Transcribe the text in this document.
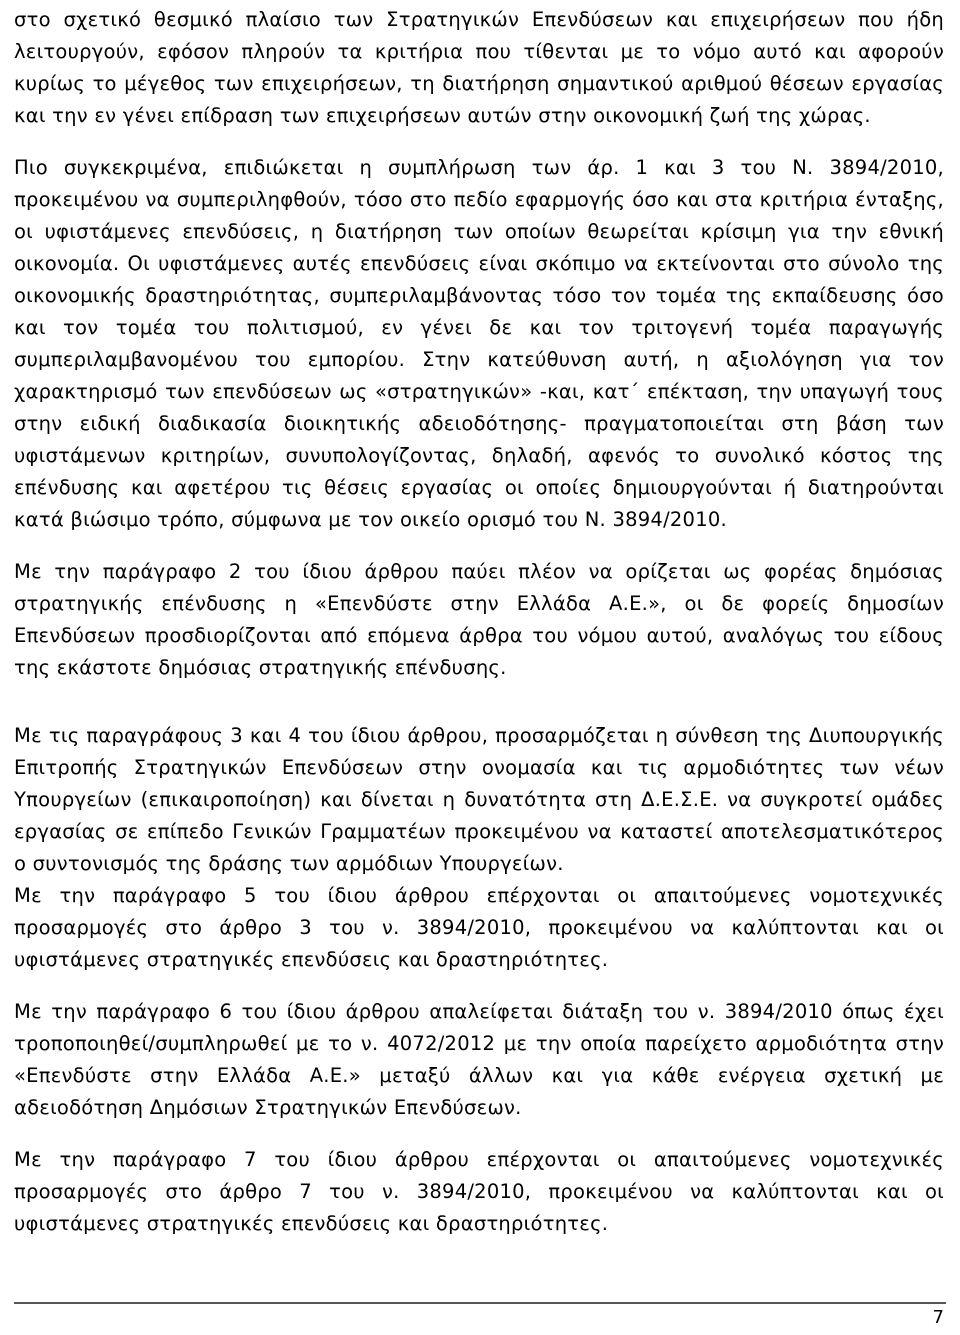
στο σχετικό θεσμικό πλαίσιο των Στρατηγικών Επενδύσεων και επιχειρήσεων που ήδη λειτουργούν, εφόσον πληρούν τα κριτήρια που τίθενται με το νόμο αυτό και αφορούν κυρίως το μέγεθος των επιχειρήσεων, τη διατήρηση σημαντικού αριθμού θέσεων εργασίας και την εν γένει επίδραση των επιχειρήσεων αυτών στην οικονομική ζωή της χώρας.

Πιο συγκεκριμένα, επιδιώκεται η συμπλήρωση των άρ. 1 και 3 του Ν. 3894/2010, προκειμένου να συμπεριληφθούν, τόσο στο πεδίο εφαρμογής όσο και στα κριτήρια ένταξης, οι υφιστάμενες επενδύσεις, η διατήρηση των οποίων θεωρείται κρίσιμη για την εθνική οικονομία. Οι υφιστάμενες αυτές επενδύσεις είναι σκόπιμο να εκτείνονται στο σύνολο της οικονομικής δραστηριότητας, συμπεριλαμβάνοντας τόσο τον τομέα της εκπαίδευσης όσο και τον τομέα του πολιτισμού, εν γένει δε και τον τριτογενή τομέα παραγωγής συμπεριλαμβανομένου του εμπορίου. Στην κατεύθυνση αυτή, η αξιολόγηση για τον χαρακτηρισμό των επενδύσεων ως «στρατηγικών» -και, κατ΄ επέκταση, την υπαγωγή τους στην ειδική διαδικασία διοικητικής αδειοδότησης- πραγματοποιείται στη βάση των υφιστάμενων κριτηρίων, συνυπολογίζοντας, δηλαδή, αφενός το συνολικό κόστος της επένδυσης και αφετέρου τις θέσεις εργασίας οι οποίες δημιουργούνται ή διατηρούνται κατά βιώσιμο τρόπο, σύμφωνα με τον οικείο ορισμό του Ν. 3894/2010.

Με την παράγραφο 2 του ίδιου άρθρου παύει πλέον να ορίζεται ως φορέας δημόσιας στρατηγικής επένδυσης η «Επενδύστε στην Ελλάδα Α.Ε.», οι δε φορείς δημοσίων Επενδύσεων προσδιορίζονται από επόμενα άρθρα του νόμου αυτού, αναλόγως του είδους της εκάστοτε δημόσιας στρατηγικής επένδυσης.

Με τις παραγράφους 3 και 4 του ίδιου άρθρου, προσαρμόζεται η σύνθεση της Διυπουργικής Επιτροπής Στρατηγικών Επενδύσεων στην ονομασία και τις αρμοδιότητες των νέων Υπουργείων (επικαιροποίηση) και δίνεται η δυνατότητα στη Δ.Ε.Σ.Ε. να συγκροτεί ομάδες εργασίας σε επίπεδο Γενικών Γραμματέων προκειμένου να καταστεί αποτελεσματικότερος ο συντονισμός της δράσης των αρμόδιων Υπουργείων.

Με την παράγραφο 5 του ίδιου άρθρου επέρχονται οι απαιτούμενες νομοτεχνικές προσαρμογές στο άρθρο 3 του ν. 3894/2010, προκειμένου να καλύπτονται και οι υφιστάμενες στρατηγικές επενδύσεις και δραστηριότητες.

Με την παράγραφο 6 του ίδιου άρθρου απαλείφεται διάταξη του ν. 3894/2010 όπως έχει τροποποιηθεί/συμπληρωθεί με το ν. 4072/2012 με την οποία παρείχετο αρμοδιότητα στην «Επενδύστε στην Ελλάδα Α.Ε.» μεταξύ άλλων και για κάθε ενέργεια σχετική με αδειοδότηση Δημόσιων Στρατηγικών Επενδύσεων.

Με την παράγραφο 7 του ίδιου άρθρου επέρχονται οι απαιτούμενες νομοτεχνικές προσαρμογές στο άρθρο 7 του ν. 3894/2010, προκειμένου να καλύπτονται και οι υφιστάμενες στρατηγικές επενδύσεις και δραστηριότητες.

7
